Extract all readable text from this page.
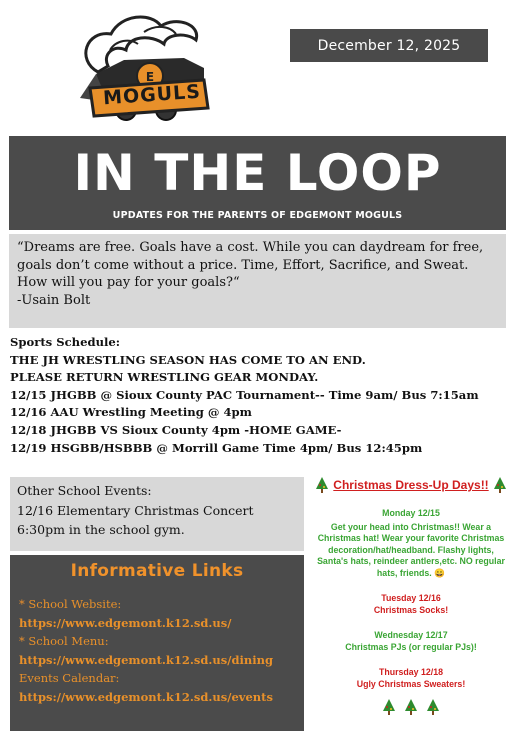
E
MOGULS
December 12, 2025
IN THE LOOP
UPDATES FOR THE PARENTS OF EDGEMONT MOGULS
“Dreams are free. Goals have a cost. While you can daydream for free, goals don’t come without a price. Time, Effort, Sacrifice, and Sweat. How will you pay for your goals?“
-Usain Bolt
Sports Schedule:
THE JH WRESTLING SEASON HAS COME TO AN END.
PLEASE RETURN WRESTLING GEAR MONDAY.
12/15 JHGBB @ Sioux County PAC Tournament-- Time 9am/ Bus 7:15am
12/16 AAU Wrestling Meeting @ 4pm
12/18 JHGBB VS Sioux County 4pm -HOME GAME-
12/19 HSGBB/HSBBB @ Morrill Game Time 4pm/ Bus 12:45pm
Other School Events:
12/16 Elementary Christmas Concert
6:30pm in the school gym.
Informative Links
* School Website:
https://www.edgemont.k12.sd.us/
* School Menu:
https://www.edgemont.k12.sd.us/dining
Events Calendar:
https://www.edgemont.k12.sd.us/events
Christmas Dress-Up Days!!
Monday 12/15
Get your head into Christmas!! Wear a Christmas hat! Wear your favorite Christmas decoration/hat/headband. Flashy lights, Santa's hats, reindeer antlers,etc. NO regular hats, friends. 😀
Tuesday 12/16
Christmas Socks!
Wednesday 12/17
Christmas PJs (or regular PJs)!
Thursday 12/18
Ugly Christmas Sweaters!
